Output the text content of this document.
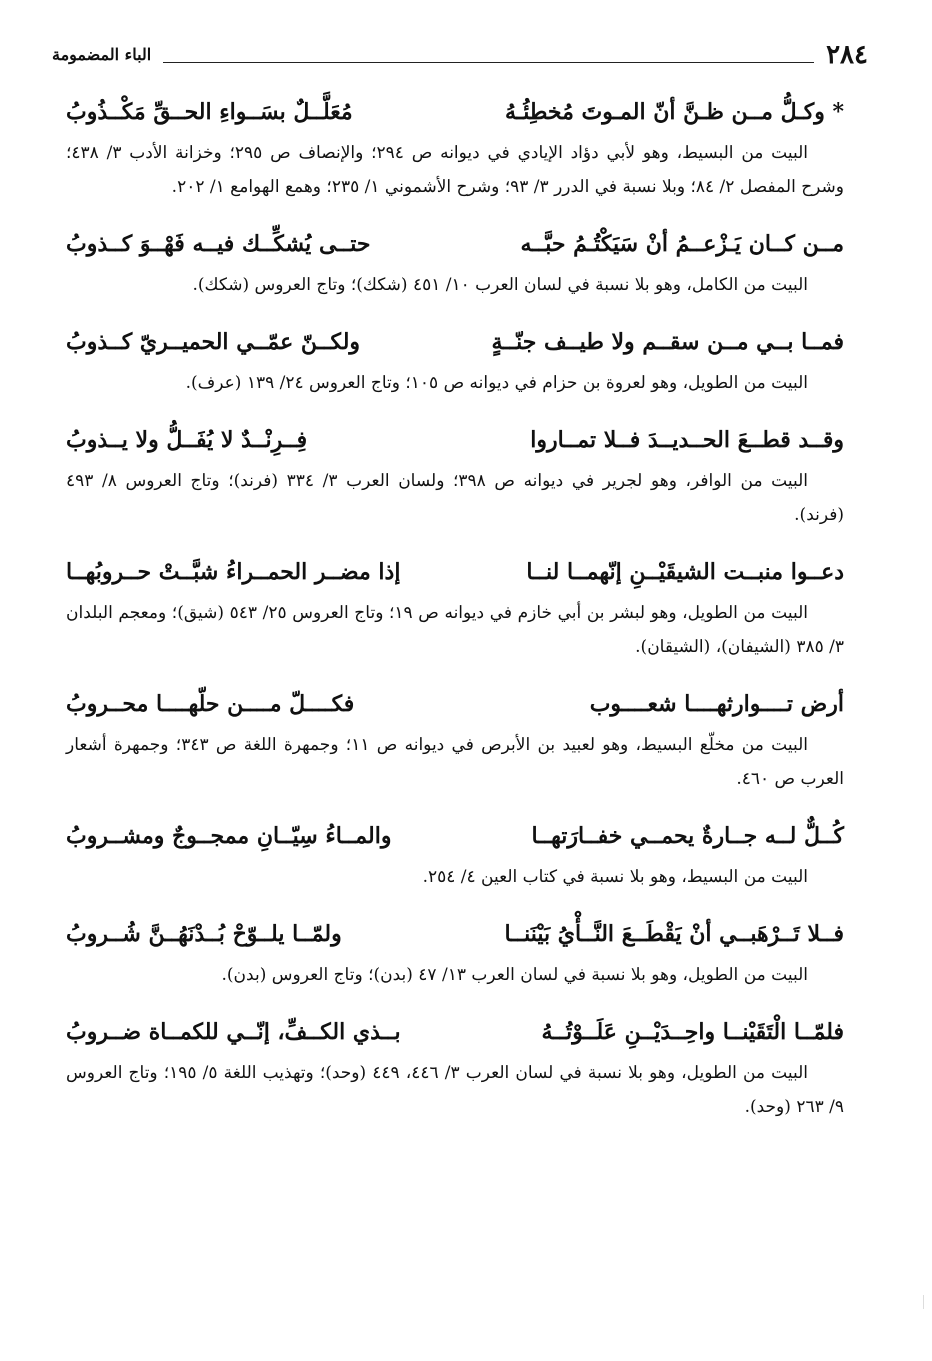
٢٨٤
الباء المضمومة
* وكـلُّ مــن ظـنَّ أنّ المـوتَ مُخطِئُـهُ
مُعَلَّــلٌ بسَــواءِ الحــقِّ مَكْــذُوبُ
البيت من البسيط، وهو لأبي دؤاد الإيادي في ديوانه ص ٢٩٤؛ والإنصاف ص ٢٩٥؛ وخزانة الأدب ٣/ ٤٣٨؛ وشرح المفصل ٢/ ٨٤؛ وبلا نسبة في الدرر ٣/ ٩٣؛ وشرح الأشموني ١/ ٢٣٥؛ وهمع الهوامع ١/ ٢٠٢.
مــن كــان يَـزْعــمُ أنْ سَيَكْتُـمُ حبَّــه
حتــى يُشكِّــك فيــه فَهْــوَ كــذوبُ
البيت من الكامل، وهو بلا نسبة في لسان العرب ١٠/ ٤٥١ (شكك)؛ وتاج العروس (شكك).
فمــا بــي مــن سقــم ولا طيــف جنّــةٍ
ولكــنّ عمّــي الحميــريّ كــذوبُ
البيت من الطويل، وهو لعروة بن حزام في ديوانه ص ١٠٥؛ وتاج العروس ٢٤/ ١٣٩ (عرف).
وقــد قطــعَ الحــديــدَ فــلا تمــاروا
فِــرِنْــدٌ لا يُفَــلُّ ولا يــذوبُ
البيت من الوافر، وهو لجرير في ديوانه ص ٣٩٨؛ ولسان العرب ٣/ ٣٣٤ (فرند)؛ وتاج العروس ٨/ ٤٩٣ (فرند).
دعــوا منبــت الشيقَيْــنِ إنّهمــا لنــا
إذا مضــر الحمــراءُ شبَّــتْ حــروبُهــا
البيت من الطويل، وهو لبشر بن أبي خازم في ديوانه ص ١٩؛ وتاج العروس ٢٥/ ٥٤٣ (شيق)؛ ومعجم البلدان ٣/ ٣٨٥ (الشيفان)، (الشيقان).
أرض تــــوارثهــــا شعــــوب
فكــــلّ مــــن حلّهــــا محــروبُ
البيت من مخلّع البسيط، وهو لعبيد بن الأبرص في ديوانه ص ١١؛ وجمهرة اللغة ص ٣٤٣؛ وجمهرة أشعار العرب ص ٤٦٠.
كُــلٌّ لــه جــارةٌ يحمــي خفــارَتهــا
والمــاءُ سِيّــانِ ممجــوجٌ ومشــروبُ
البيت من البسيط، وهو بلا نسبة في كتاب العين ٤/ ٢٥٤.
فــلا تَــرْهَبــي أنْ يَقْطَــعَ النَّــأْيُ بَيْنَنــا
ولمّــا يلــوّحْ بُــدْنَهُــنَّ شُــروبُ
البيت من الطويل، وهو بلا نسبة في لسان العرب ١٣/ ٤٧ (بدن)؛ وتاج العروس (بدن).
فلمّــا الْتَقَيْنــا واحِــدَيْــنِ عَلَــوْتُــهُ
بــذي الكــفِّ، إنّــي للكمــاة ضــروبُ
البيت من الطويل، وهو بلا نسبة في لسان العرب ٣/ ٤٤٦، ٤٤٩ (وحد)؛ وتهذيب اللغة ٥/ ١٩٥؛ وتاج العروس ٩/ ٢٦٣ (وحد).
